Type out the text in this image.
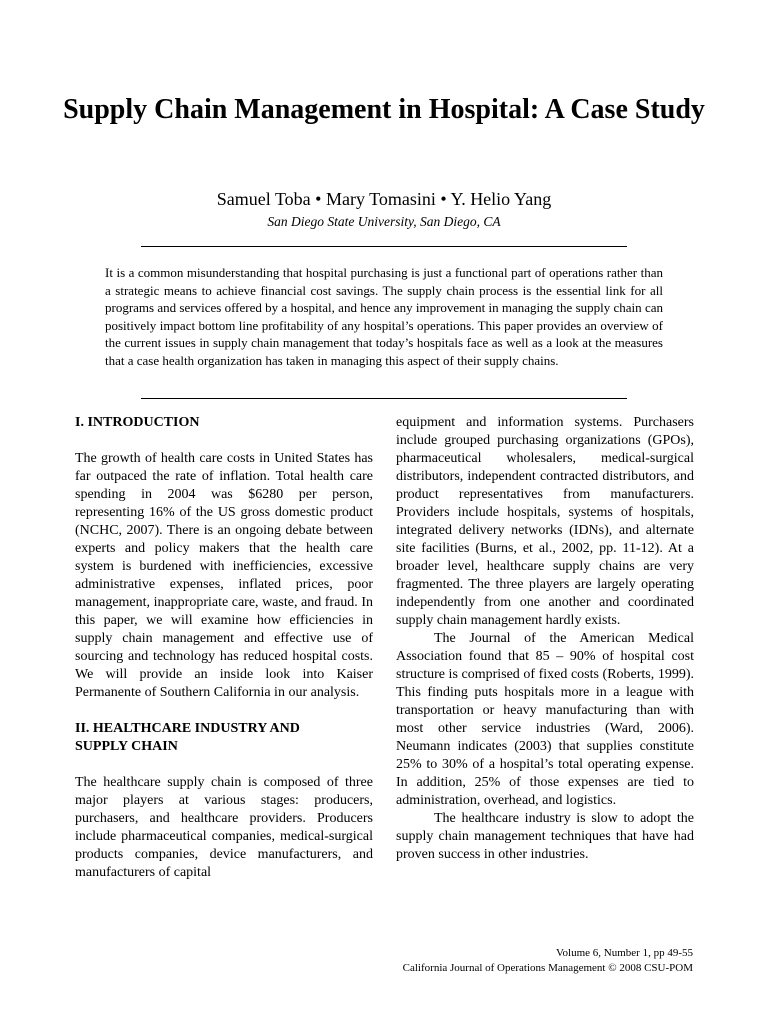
Supply Chain Management in Hospital: A Case Study
Samuel Toba • Mary Tomasini • Y. Helio Yang
San Diego State University, San Diego, CA

It is a common misunderstanding that hospital purchasing is just a functional part of operations rather than a strategic means to achieve financial cost savings. The supply chain process is the essential link for all programs and services offered by a hospital, and hence any improvement in managing the supply chain can positively impact bottom line profitability of any hospital’s operations. This paper provides an overview of the current issues in supply chain management that today’s hospitals face as well as a look at the measures that a case health organization has taken in managing this aspect of their supply chains.

I. INTRODUCTION

The growth of health care costs in United States has far outpaced the rate of inflation. Total health care spending in 2004 was $6280 per person, representing 16% of the US gross domestic product (NCHC, 2007). There is an ongoing debate between experts and policy makers that the health care system is burdened with inefficiencies, excessive administrative expenses, inflated prices, poor management, inappropriate care, waste, and fraud. In this paper, we will examine how efficiencies in supply chain management and effective use of sourcing and technology has reduced hospital costs. We will provide an inside look into Kaiser Permanente of Southern California in our analysis.

II. HEALTHCARE INDUSTRY AND
SUPPLY CHAIN

The healthcare supply chain is composed of three major players at various stages: producers, purchasers, and healthcare providers. Producers include pharmaceutical companies, medical-surgical products companies, device manufacturers, and manufacturers of capital

equipment and information systems. Purchasers include grouped purchasing organizations (GPOs), pharmaceutical wholesalers, medical-surgical distributors, independent contracted distributors, and product representatives from manufacturers. Providers include hospitals, systems of hospitals, integrated delivery networks (IDNs), and alternate site facilities (Burns, et al., 2002, pp. 11-12). At a broader level, healthcare supply chains are very fragmented. The three players are largely operating independently from one another and coordinated supply chain management hardly exists.

The Journal of the American Medical Association found that 85 – 90% of hospital cost structure is comprised of fixed costs (Roberts, 1999). This finding puts hospitals more in a league with transportation or heavy manufacturing than with most other service industries (Ward, 2006). Neumann indicates (2003) that supplies constitute 25% to 30% of a hospital’s total operating expense. In addition, 25% of those expenses are tied to administration, overhead, and logistics.

The healthcare industry is slow to adopt the supply chain management techniques that have had proven success in other industries.

Volume 6, Number 1, pp 49-55
California Journal of Operations Management © 2008 CSU-POM
